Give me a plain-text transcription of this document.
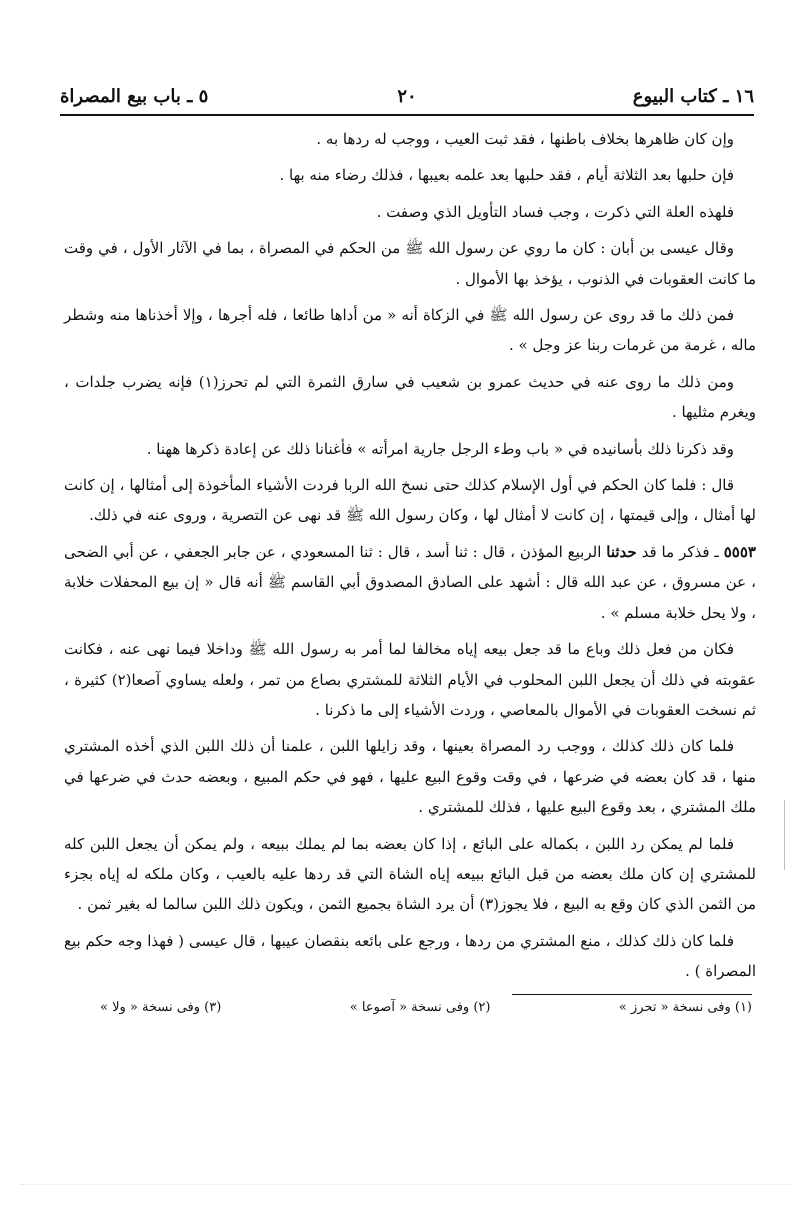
١٦ ـ كتاب البيوع
٢٠
٥ ـ باب بيع المصراة

وإن كان ظاهرها بخلاف باطنها ، فقد ثبت العيب ، ووجب له ردها به .

فإن حلبها بعد الثلاثة أيام ، فقد حلبها بعد علمه بعيبها ، فذلك رضاء منه بها .

فلهذه العلة التي ذكرت ، وجب فساد التأويل الذي وصفت .

وقال عيسى بن أبان : كان ما روي عن رسول الله ﷺ من الحكم في المصراة ، بما في الآثار الأول ، في وقت ما كانت العقوبات في الذنوب ، يؤخذ بها الأموال .

فمن ذلك ما قد روى عن رسول الله ﷺ في الزكاة أنه « من أداها طائعا ، فله أجرها ، وإلا أخذناها منه وشطر ماله ، غرمة من غرمات ربنا عز وجل » .

ومن ذلك ما روى عنه في حديث عمرو بن شعيب في سارق الثمرة التي لم تحرز(١) فإنه يضرب جلدات ، ويغرم مثليها .

وقد ذكرنا ذلك بأسانيده في « باب وطء الرجل جارية امرأته » فأغنانا ذلك عن إعادة ذكرها ههنا .

قال : فلما كان الحكم في أول الإسلام كذلك حتى نسخ الله الربا فردت الأشياء المأخوذة إلى أمثالها ، إن كانت لها أمثال ، وإلى قيمتها ، إن كانت لا أمثال لها ، وكان رسول الله ﷺ قد نهى عن التصرية ، وروى عنه في ذلك.

٥٥٥٣ ـ فذكر ما قد حدثنا الربيع المؤذن ، قال : ثنا أسد ، قال : ثنا المسعودي ، عن جابر الجعفي ، عن أبي الضحى ، عن مسروق ، عن عبد الله قال : أشهد على الصادق المصدوق أبي القاسم ﷺ أنه قال « إن بيع المحفلات خلابة ، ولا يحل خلابة مسلم » .

فكان من فعل ذلك وباع ما قد جعل بيعه إياه مخالفا لما أمر به رسول الله ﷺ وداخلا فيما نهى عنه ، فكانت عقوبته في ذلك أن يجعل اللبن المحلوب في الأيام الثلاثة للمشتري بصاع من تمر ، ولعله يساوي آصعا(٢) كثيرة ، ثم نسخت العقوبات في الأموال بالمعاصي ، وردت الأشياء إلى ما ذكرنا .

فلما كان ذلك كذلك ، ووجب رد المصراة بعينها ، وقد زايلها اللبن ، علمنا أن ذلك اللبن الذي أخذه المشتري منها ، قد كان بعضه في ضرعها ، في وقت وقوع البيع عليها ، فهو في حكم المبيع ، وبعضه حدث في ضرعها في ملك المشتري ، بعد وقوع البيع عليها ، فذلك للمشتري .

فلما لم يمكن رد اللبن ، بكماله على البائع ، إذا كان بعضه بما لم يملك ببيعه ، ولم يمكن أن يجعل اللبن كله للمشتري إن كان ملك بعضه من قبل البائع ببيعه إياه الشاة التي قد ردها عليه بالعيب ، وكان ملكه له إياه بجزء من الثمن الذي كان وقع به البيع ، فلا يجوز(٣) أن يرد الشاة بجميع الثمن ، ويكون ذلك اللبن سالما له بغير ثمن .

فلما كان ذلك كذلك ، منع المشتري من ردها ، ورجع على بائعه بنقصان عيبها ، قال عيسى ( فهذا وجه حكم بيع المصراة ) .

(١) وفى نسخة « تحرز »
(٢) وفى نسخة « آصوعا »
(٣) وفى نسخة « ولا »
